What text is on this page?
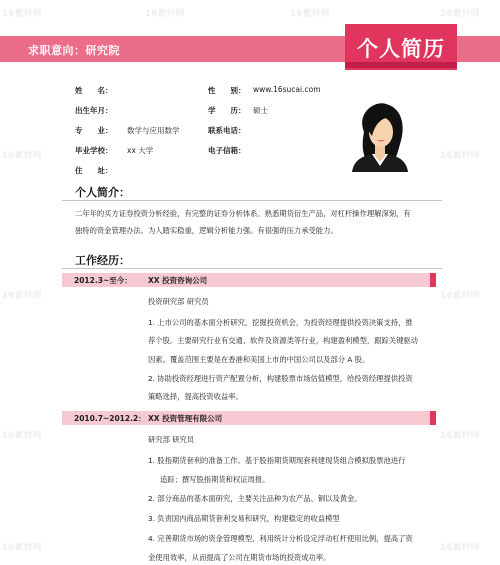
16素材网	16素材网	16素材网	16素材网
16素材网	16素材网
16素材网	16素材网
16素材网	16素材网
16素材网	16素材网
求职意向：研究院	个人简历
姓　　名：	性　　别： www.16sucai.com
出生年月：	学　　历： 硕士
专　　业： 数学与应用数学	联系电话：
毕业学校： xx 大学	电子信箱：
住　　址：
个人简介：
二年年的买方证券投资分析经验，有完整的证券分析体系。熟悉期货衍生产品，对杠杆操作理解深刻，有
独特的资金管理办法。为人踏实稳重，逻辑分析能力强。有很强的压力承受能力。
工作经历：
2012.3~至今： XX 投资咨询公司
投资研究部 研究员
1. 上市公司的基本面分析研究，挖掘投资机会，为投资经理提供投资决策支持，推
荐个股。主要研究行业有交通、软件及资源类等行业，构建盈利模型，跟踪关键驱动
因素。覆盖范围主要是在香港和美国上市的中国公司以及部分 A 股。
2. 协助投资经理进行资产配置分析，构建股票市场估值模型，给投资经理提供投资
策略选择，提高投资收益率。
2010.7~2012.2： XX 投资管理有限公司
研究部 研究员
1. 股指期货套利的准备工作。基于股指期货期现套利建现货组合模拟股票池进行
追踪；撰写股指期货和权证周报。
2. 部分商品的基本面研究，主要关注品种为农产品、铜以及黄金。
3. 负责国内商品期货套利交易和研究，构建稳定的收益模型
4. 完善期货市场的资金管理模型，利用统计分析设定浮动杠杆使用比例，提高了资
金使用效率，从而提高了公司在期货市场的投资成功率。
